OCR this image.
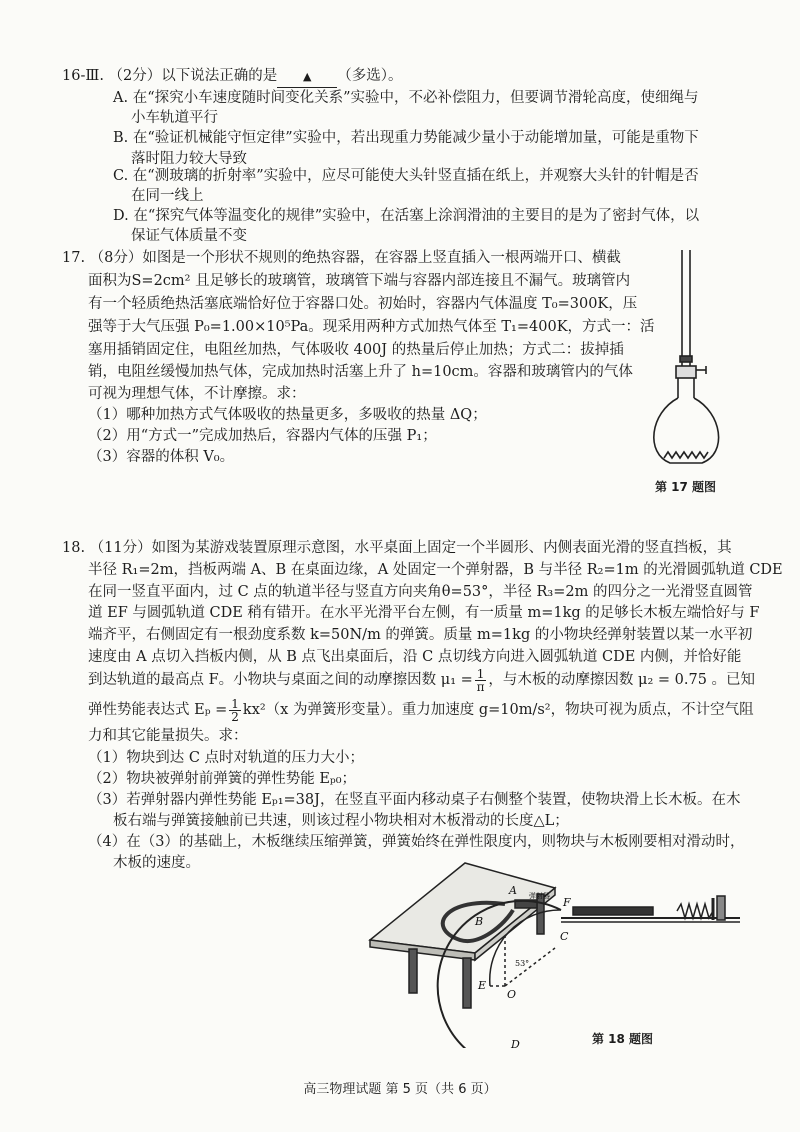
16-Ⅲ. （2分）以下说法正确的是 ▲ （多选）。
A. 在“探究小车速度随时间变化关系”实验中，不必补偿阻力，但要调节滑轮高度，使细绳与
小车轨道平行
B. 在“验证机械能守恒定律”实验中，若出现重力势能减少量小于动能增加量，可能是重物下
落时阻力较大导致
C. 在“测玻璃的折射率”实验中，应尽可能使大头针竖直插在纸上，并观察大头针的针帽是否
在同一线上
D. 在“探究气体等温变化的规律”实验中，在活塞上涂润滑油的主要目的是为了密封气体，以
保证气体质量不变
17. （8分）如图是一个形状不规则的绝热容器，在容器上竖直插入一根两端开口、横截
面积为S=2cm² 且足够长的玻璃管，玻璃管下端与容器内部连接且不漏气。玻璃管内
有一个轻质绝热活塞底端恰好位于容器口处。初始时，容器内气体温度 T₀=300K，压
强等于大气压强 P₀=1.00×10⁵Pa。现采用两种方式加热气体至 T₁=400K，方式一：活
塞用插销固定住，电阻丝加热，气体吸收 400J 的热量后停止加热；方式二：拔掉插
销，电阻丝缓慢加热气体，完成加热时活塞上升了 h=10cm。容器和玻璃管内的气体
可视为理想气体，不计摩擦。求：
（1）哪种加热方式气体吸收的热量更多，多吸收的热量 ΔQ；
（2）用“方式一”完成加热后，容器内气体的压强 P₁；
（3）容器的体积 V₀。
第 17 题图
18. （11分）如图为某游戏装置原理示意图，水平桌面上固定一个半圆形、内侧表面光滑的竖直挡板，其
半径 R₁=2m，挡板两端 A、B 在桌面边缘，A 处固定一个弹射器，B 与半径 R₂=1m 的光滑圆弧轨道 CDE
在同一竖直平面内，过 C 点的轨道半径与竖直方向夹角θ=53°，半径 R₃=2m 的四分之一光滑竖直圆管
道 EF 与圆弧轨道 CDE 稍有错开。在水平光滑平台左侧，有一质量 m=1kg 的足够长木板左端恰好与 F
端齐平，右侧固定有一根劲度系数 k=50N/m 的弹簧。质量 m=1kg 的小物块经弹射装置以某一水平初
速度由 A 点切入挡板内侧，从 B 点飞出桌面后，沿 C 点切线方向进入圆弧轨道 CDE 内侧，并恰好能
到达轨道的最高点 F。小物块与桌面之间的动摩擦因数 $\mu_1 = \frac{1}{\pi}$ ，与木板的动摩擦因数 μ₂ = 0.75 。已知
弹性势能表达式 $E_p = \frac{1}{2} kx^2(x$ 为弹簧形变量）。重力加速度 g=10m/s²，物块可视为质点，不计空气阻
力和其它能量损失。求：
（1）物块到达 C 点时对轨道的压力大小；
（2）物块被弹射前弹簧的弹性势能 Eₚ₀；
（3）若弹射器内弹性势能 Eₚ₁=38J，在竖直平面内移动桌子右侧整个装置，使物块滑上长木板。在木
板右端与弹簧接触前已共速，则该过程小物块相对木板滑动的长度△L；
（4）在（3）的基础上，木板继续压缩弹簧，弹簧始终在弹性限度内，则物块与木板刚要相对滑动时，
木板的速度。
A
B
C
D
E
F
O
53°
弹射器
第 18 题图
高三物理试题 第 5 页（共 6 页）
